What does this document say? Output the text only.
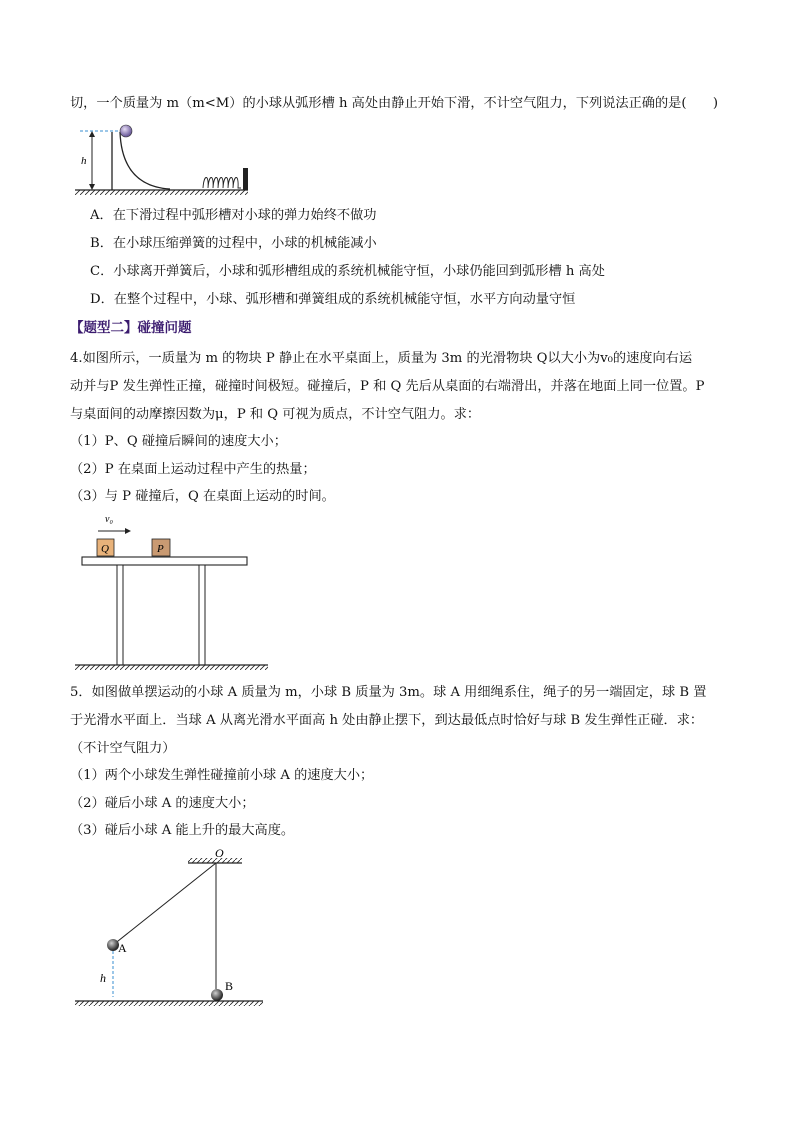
切，一个质量为 m（m<M）的小球从弧形槽 h 高处由静止开始下滑，不计空气阻力，下列说法正确的是(　　)
h
A．在下滑过程中弧形槽对小球的弹力始终不做功
B．在小球压缩弹簧的过程中，小球的机械能减小
C．小球离开弹簧后，小球和弧形槽组成的系统机械能守恒，小球仍能回到弧形槽 h 高处
D．在整个过程中，小球、弧形槽和弹簧组成的系统机械能守恒，水平方向动量守恒
【题型二】碰撞问题
4.如图所示，一质量为 m 的物块 P 静止在水平桌面上，质量为 3m 的光滑物块 Q以大小为v₀的速度向右运
动并与P 发生弹性正撞，碰撞时间极短。碰撞后，P 和 Q 先后从桌面的右端滑出，并落在地面上同一位置。P
与桌面间的动摩擦因数为μ，P 和 Q 可视为质点，不计空气阻力。求：
（1）P、Q 碰撞后瞬间的速度大小；
（2）P 在桌面上运动过程中产生的热量；
（3）与 P 碰撞后，Q 在桌面上运动的时间。
v₀
Q	P
5．如图做单摆运动的小球 A 质量为 m，小球 B 质量为 3m。球 A 用细绳系住，绳子的另一端固定，球 B 置
于光滑水平面上．当球 A 从离光滑水平面高 h 处由静止摆下，到达最低点时恰好与球 B 发生弹性正碰．求：
（不计空气阻力）
（1）两个小球发生弹性碰撞前小球 A 的速度大小；
（2）碰后小球 A 的速度大小；
（3）碰后小球 A 能上升的最大高度。
O
h
A
B
